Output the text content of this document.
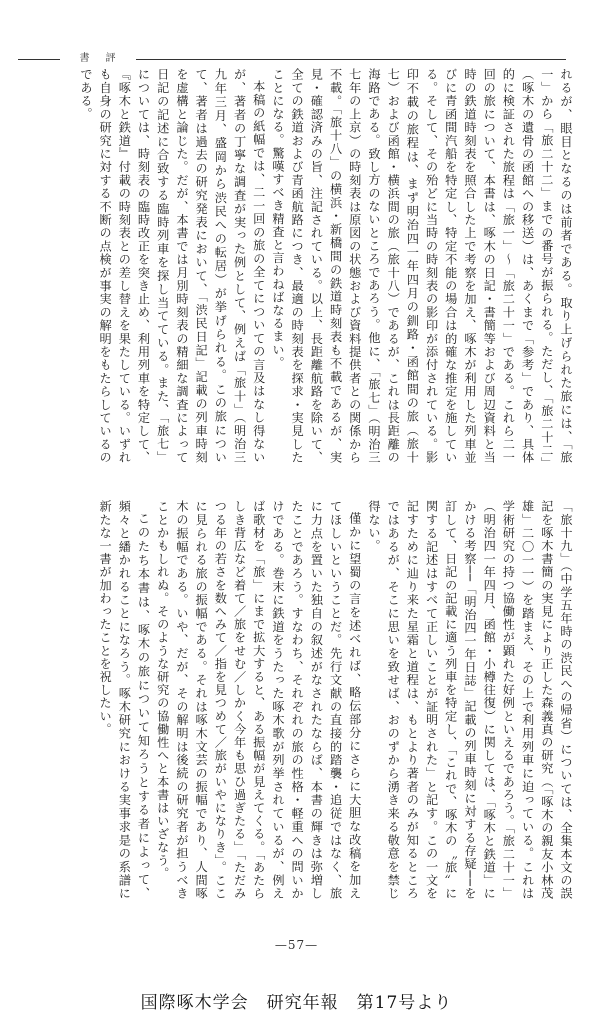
書　評

れるが、眼目となるのは前者である。取り上げられた旅には、「旅一」から「旅二十二」までの番号が振られる。ただし、「旅二十二」（啄木の遺骨の函館への移送）は、あくまで「参考」であり、具体的に検証された旅程は「旅一」〜「旅二十一」である。これら二一回の旅について、本書は、啄木の日記・書簡等および周辺資料と当時の鉄道時刻表を照合した上で考察を加え、啄木が利用した列車並びに青函間汽船を特定し、特定不能の場合は的確な推定を施している。そして、その殆どに当時の時刻表の影印が添付されている。影印不載の旅程は、まず明治四一年四月の釧路・函館間の旅（旅十七）および函館・横浜間の旅（旅十八）であるが、これは長距離の海路である。致し方のないところであろう。他に、「旅七」（明治三七年の上京）の時刻表は原図の状態および資料提供者との関係から不載。「旅十八」の横浜・新橋間の鉄道時刻表も不載であるが、実見・確認済みの旨、注記されている。以上、長距離航路を除いて、全ての鉄道および青函航路につき、最適の時刻表を探求・実見したことになる。驚嘆すべき精査と言わねばなるまい。

本稿の紙幅では、二一回の旅の全てについての言及はなし得ないが、著者の丁寧な調査が実った例として、例えば「旅十」（明治三九年三月、盛岡から渋民への転居）が挙げられる。この旅について、著者は過去の研究発表において、「渋民日記」記載の列車時刻を虚構と論じた。だが、本書では月別時刻表の精細な調査によって日記の記述に合致する臨時列車を探し当てている。また、「旅七」については、時刻表の臨時改正を突き止め、利用列車を特定して、『啄木と鉄道』付載の時刻表との差し替えを果たしている。いずれも自身の研究に対する不断の点検が事実の解明をもたらしているのである。

「旅十九」（中学五年時の渋民への帰省）については、全集本文の誤記を啄木書簡の実見により正した森義真の研究（「啄木の親友小林茂雄」二〇一一）を踏まえ、その上で利用列車に迫っている。これは学術研究の持つ協働性が顕れた好例といえるであろう。「旅二十一」（明治四一年四月、函館・小樽往復）に関しては、「啄木と鉄道」にかける考察──「明治四一年日誌」記載の列車時刻に対する存疑──を訂して、日記の記載に適う列車を特定し、「これで、啄木の〝旅〟に関する記述はすべて正しいことが証明された」と記す。この一文を記すために辿り来た星霜と道程は、もとより著者のみが知るところではあるが、そこに思いを致せば、おのずから湧き来る敬意を禁じ得ない。

僅かに望蜀の言を述べれば、略伝部分にさらに大胆な改稿を加えてほしいということだ。先行文献の直接的踏襲・追従ではなく、旅に力点を置いた独自の叙述がなされたならば、本書の輝きは弥増したことであろう。すなわち、それぞれの旅の性格・軽重への問いかけである。巻末に鉄道をうたった啄木歌が列挙されているが、例えば歌材を「旅」にまで拡大すると、ある振幅が見えてくる。「あたらしき背広など着て／旅をせむ／しかく今年も思ひ過ぎたる」「ただみつる年の若さを数へみて／指を見つめて／旅がいやになりき」。ここに見られる旅の振幅である。それは啄木文芸の振幅であり、人間啄木の振幅である。いや、だが、その解明は後続の研究者が担うべきことかもしれぬ。そのような研究の協働性へと本書はいざなう。

このたち本書は、啄木の旅について知ろうとする者によって、頻々と繙かれることになろう。啄木研究における実事求是の系譜に新たな一書が加わったことを祝したい。

—57—
国際啄木学会　研究年報　第17号より
